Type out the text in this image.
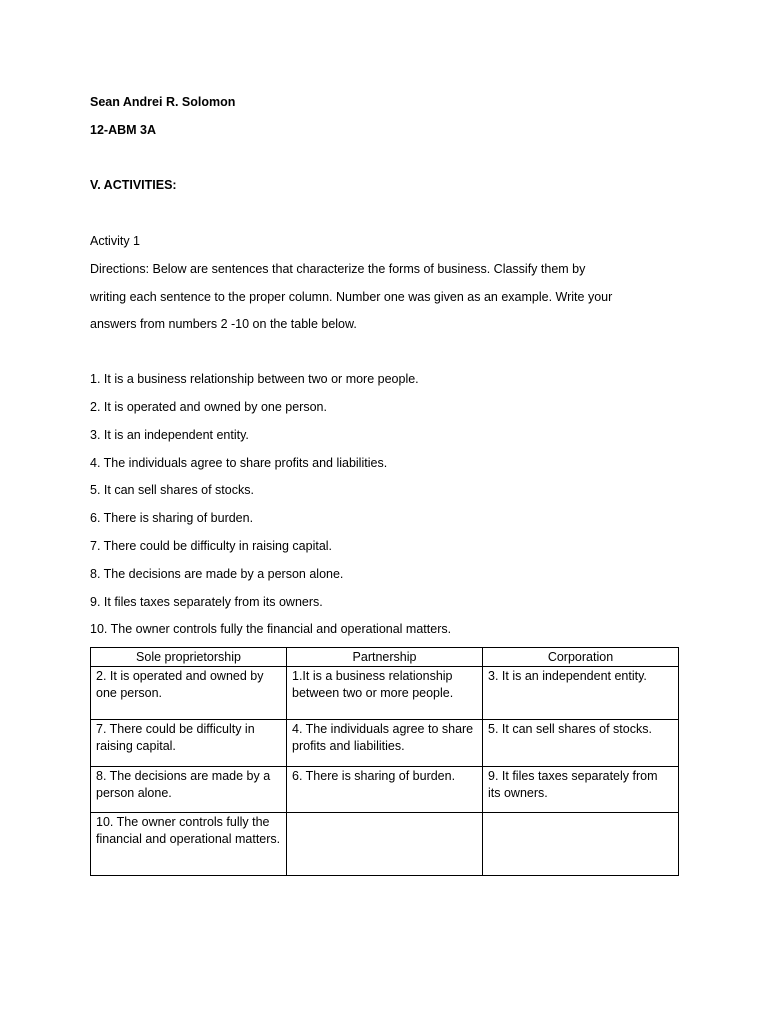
Sean Andrei R. Solomon
12-ABM 3A
V. ACTIVITIES:
Activity 1
Directions: Below are sentences that characterize the forms of business. Classify them by
writing each sentence to the proper column. Number one was given as an example. Write your
answers from numbers 2 -10 on the table below.
1. It is a business relationship between two or more people.
2. It is operated and owned by one person.
3. It is an independent entity.
4. The individuals agree to share profits and liabilities.
5. It can sell shares of stocks.
6. There is sharing of burden.
7. There could be difficulty in raising capital.
8. The decisions are made by a person alone.
9. It files taxes separately from its owners.
10. The owner controls fully the financial and operational matters.
Sole proprietorship	Partnership	Corporation
2. It is operated and owned by one person.	1.It is a business relationship between two or more people.	3. It is an independent entity.
7. There could be difficulty in raising capital.	4. The individuals agree to share profits and liabilities.	5. It can sell shares of stocks.
8. The decisions are made by a person alone.	6. There is sharing of burden.	9. It files taxes separately from its owners.
10. The owner controls fully the financial and operational matters.		
